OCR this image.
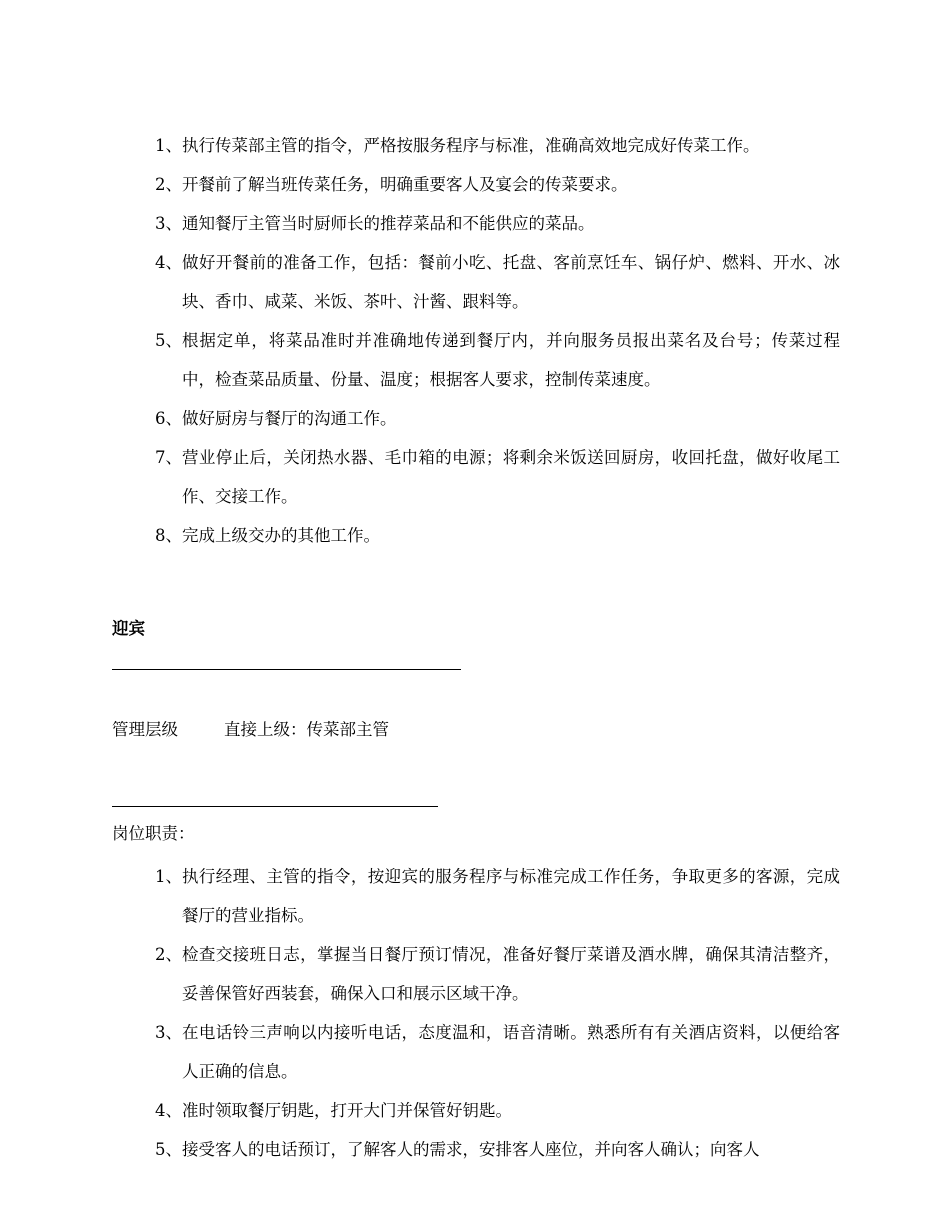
1、 执行传菜部主管的指令，严格按服务程序与标准，准确高效地完成好传菜工作。
2、 开餐前了解当班传菜任务，明确重要客人及宴会的传菜要求。
3、 通知餐厅主管当时厨师长的推荐菜品和不能供应的菜品。
4、 做好开餐前的准备工作，包括：餐前小吃、托盘、客前烹饪车、锅仔炉、燃料、开水、冰块、香巾、咸菜、米饭、茶叶、汁酱、跟料等。
5、 根据定单，将菜品准时并准确地传递到餐厅内，并向服务员报出菜名及台号；传菜过程中，检查菜品质量、份量、温度；根据客人要求，控制传菜速度。
6、 做好厨房与餐厅的沟通工作。
7、 营业停止后，关闭热水器、毛巾箱的电源；将剩余米饭送回厨房，收回托盘，做好收尾工作、交接工作。
8、 完成上级交办的其他工作。
迎宾
管理层级	直接上级：传菜部主管
岗位职责：
1、 执行经理、主管的指令，按迎宾的服务程序与标准完成工作任务，争取更多的客源，完成餐厅的营业指标。
2、 检查交接班日志，掌握当日餐厅预订情况，准备好餐厅菜谱及酒水牌，确保其清洁整齐，妥善保管好西装套，确保入口和展示区域干净。
3、 在电话铃三声响以内接听电话，态度温和，语音清晰。熟悉所有有关酒店资料，以便给客人正确的信息。
4、 准时领取餐厅钥匙，打开大门并保管好钥匙。
5、 接受客人的电话预订，了解客人的需求，安排客人座位，并向客人确认；向客人
